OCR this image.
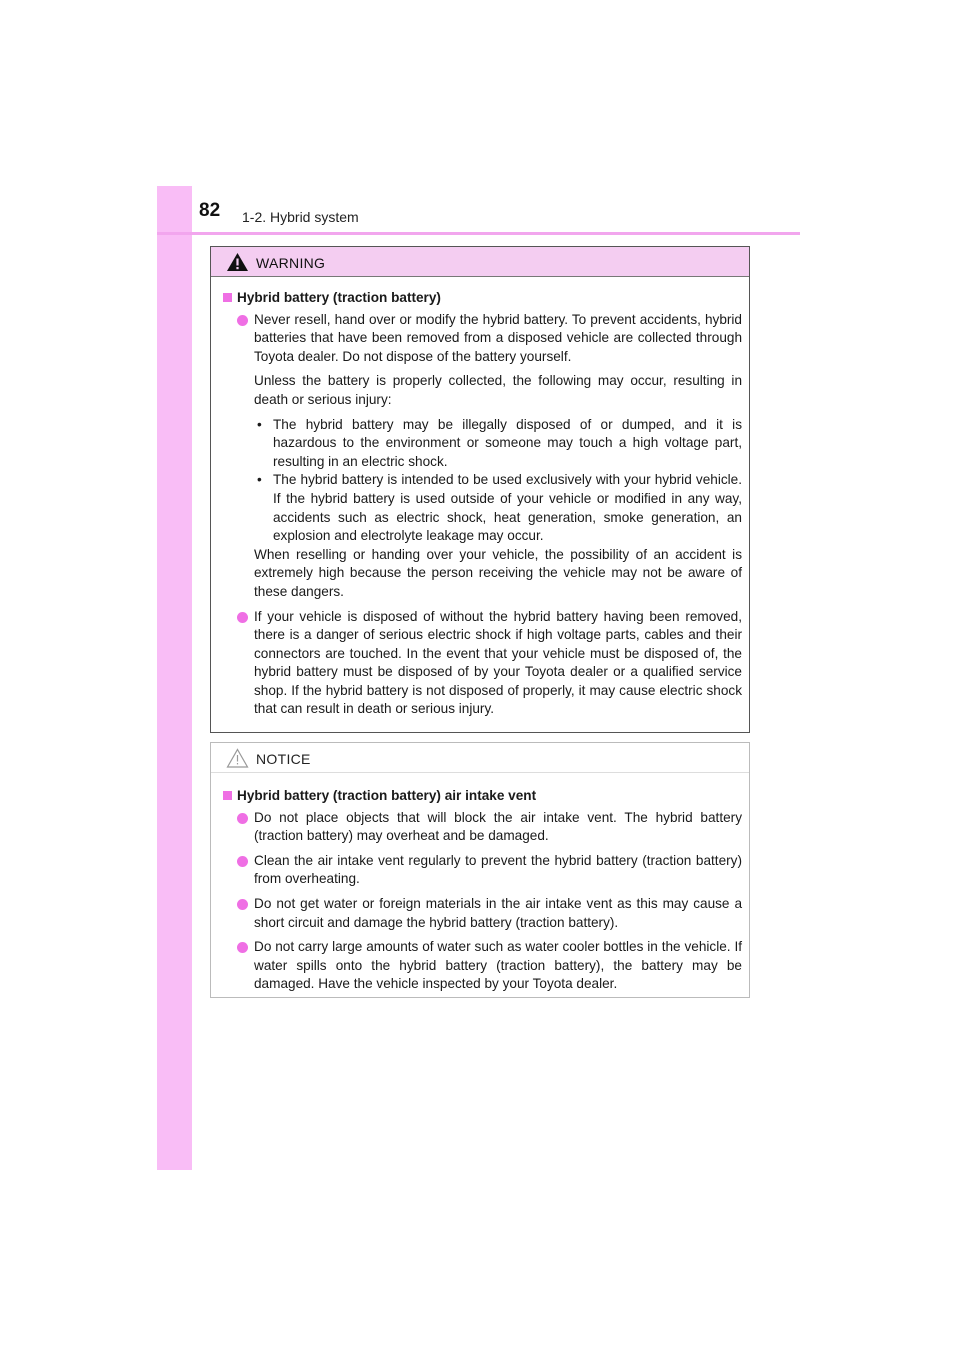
82 1-2. Hybrid system
WARNING
Hybrid battery (traction battery)
Never resell, hand over or modify the hybrid battery. To prevent accidents, hybrid batteries that have been removed from a disposed vehicle are collected through Toyota dealer. Do not dispose of the battery yourself.
Unless the battery is properly collected, the following may occur, resulting in death or serious injury:
• The hybrid battery may be illegally disposed of or dumped, and it is hazardous to the environment or someone may touch a high voltage part, resulting in an electric shock.
• The hybrid battery is intended to be used exclusively with your hybrid vehicle. If the hybrid battery is used outside of your vehicle or modified in any way, accidents such as electric shock, heat generation, smoke generation, an explosion and electrolyte leakage may occur.
When reselling or handing over your vehicle, the possibility of an accident is extremely high because the person receiving the vehicle may not be aware of these dangers.
If your vehicle is disposed of without the hybrid battery having been removed, there is a danger of serious electric shock if high voltage parts, cables and their connectors are touched. In the event that your vehicle must be disposed of, the hybrid battery must be disposed of by your Toyota dealer or a qualified service shop. If the hybrid battery is not disposed of properly, it may cause electric shock that can result in death or serious injury.
NOTICE
Hybrid battery (traction battery) air intake vent
Do not place objects that will block the air intake vent. The hybrid battery (traction battery) may overheat and be damaged.
Clean the air intake vent regularly to prevent the hybrid battery (traction battery) from overheating.
Do not get water or foreign materials in the air intake vent as this may cause a short circuit and damage the hybrid battery (traction battery).
Do not carry large amounts of water such as water cooler bottles in the vehicle. If water spills onto the hybrid battery (traction battery), the battery may be damaged. Have the vehicle inspected by your Toyota dealer.
